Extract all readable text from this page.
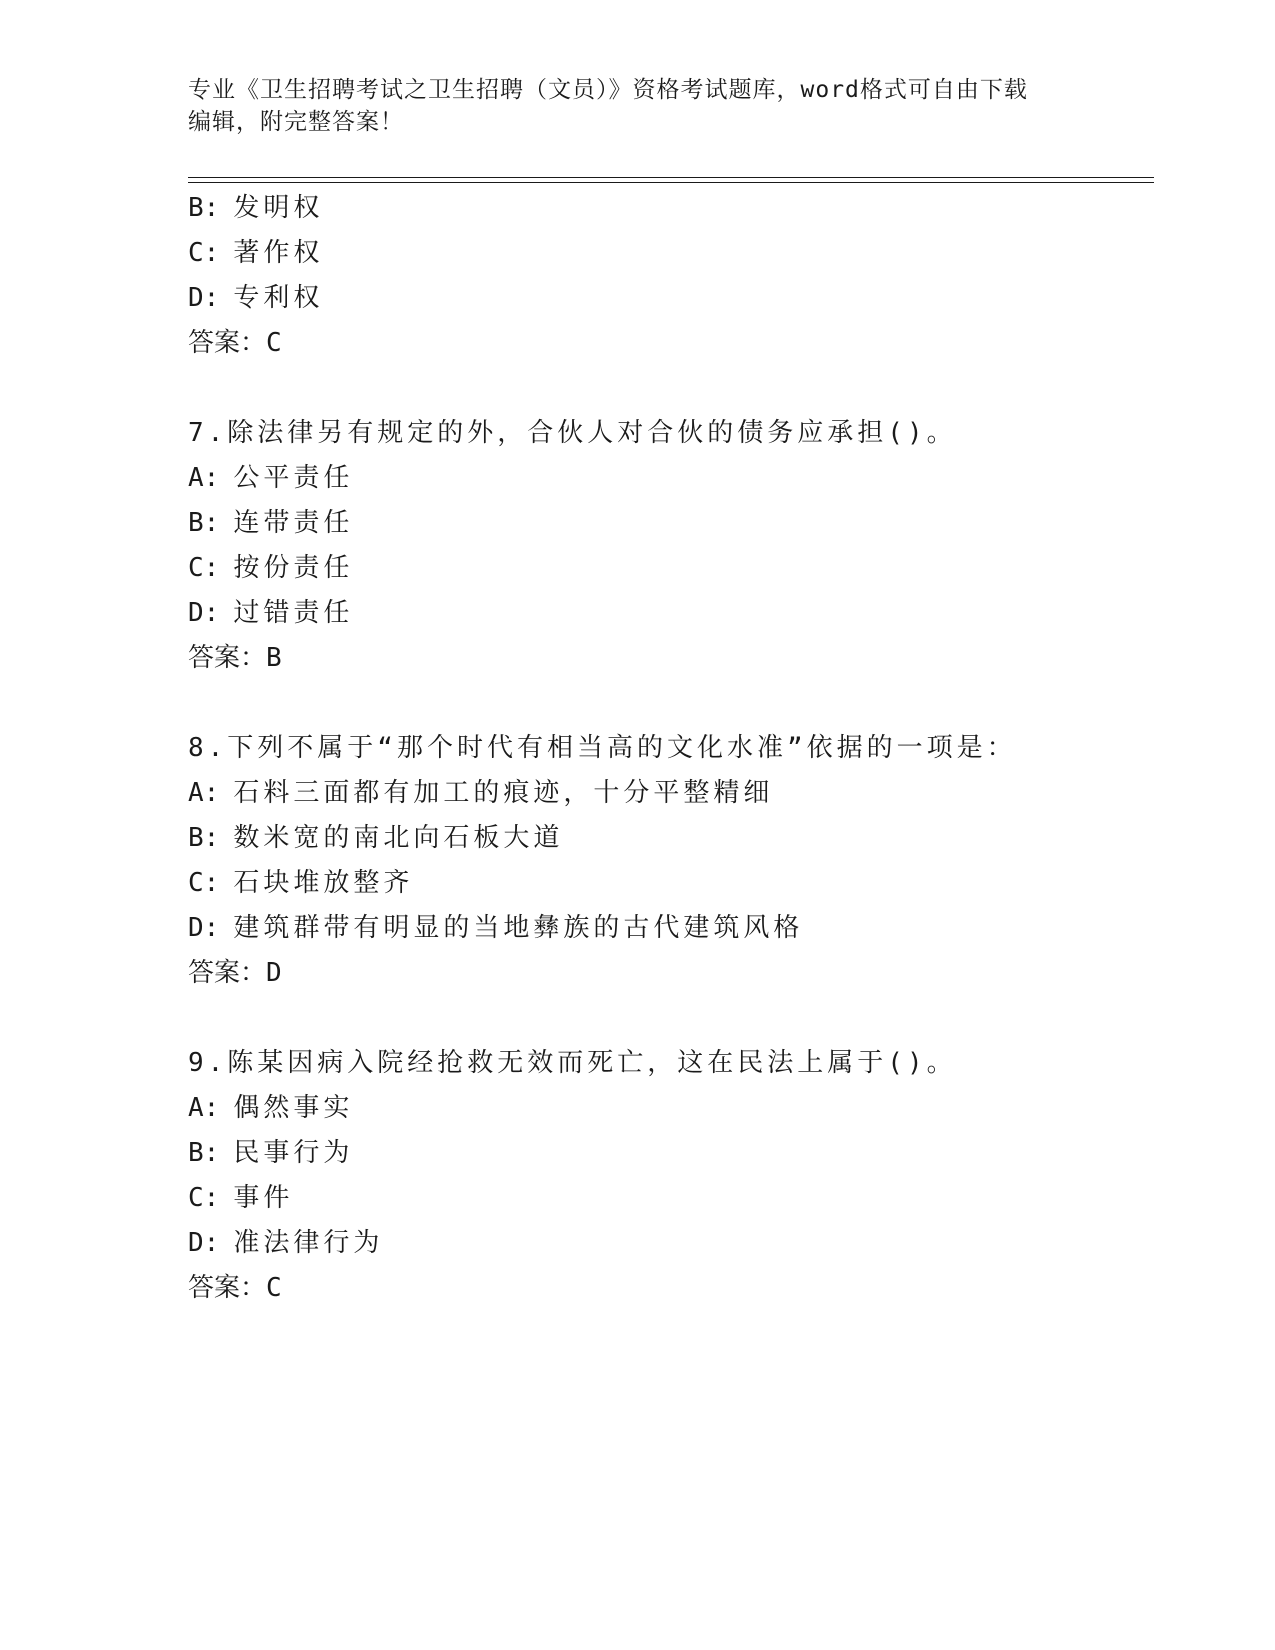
专业《卫生招聘考试之卫生招聘（文员）》资格考试题库，word格式可自由下载
编辑，附完整答案！
B: 发明权
C: 著作权
D: 专利权
答案：C
7.除法律另有规定的外，合伙人对合伙的债务应承担()。
A: 公平责任
B: 连带责任
C: 按份责任
D: 过错责任
答案：B
8.下列不属于“那个时代有相当高的文化水准”依据的一项是：
A: 石料三面都有加工的痕迹，十分平整精细
B: 数米宽的南北向石板大道
C: 石块堆放整齐
D: 建筑群带有明显的当地彝族的古代建筑风格
答案：D
9.陈某因病入院经抢救无效而死亡，这在民法上属于()。
A: 偶然事实
B: 民事行为
C: 事件
D: 准法律行为
答案：C
